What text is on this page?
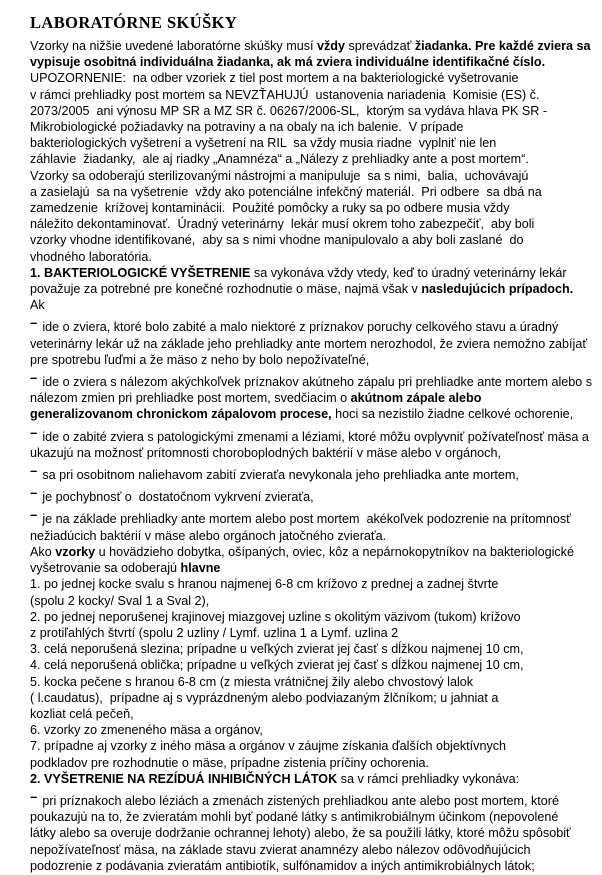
LABORATÓRNE SKÚŠKY
Vzorky na nižšie uvedené laboratórne skúšky musí vždy sprevádzať žiadanka. Pre každé zviera sa
vypisuje osobitná individuálna žiadanka, ak má zviera individuálne identifikačné číslo.
UPOZORNENIE:  na odber vzoriek z tiel post mortem a na bakteriologické vyšetrovanie
v rámci prehliadky post mortem sa NEVZŤAHUJÚ  ustanovenia nariadenia  Komisie (ES) č.
2073/2005  ani výnosu MP SR a MZ SR č. 06267/2006-SL,  ktorým sa vydáva hlava PK SR -
Mikrobiologické požiadavky na potraviny a na obaly na ich balenie.  V prípade
bakteriologických vyšetrení a vyšetrení na RIL  sa vždy musia riadne  vyplniť nie len
záhlavie  žiadanky,  ale aj riadky „Anamnéza“ a „Nálezy z prehliadky ante a post mortem“.
Vzorky sa odoberajú sterilizovanými nástrojmi a manipuluje  sa s nimi,  balia,  uchovávajú
a zasielajú  sa na vyšetrenie  vždy ako potenciálne infekčný materiál.  Pri odbere  sa dbá na
zamedzenie  krížovej kontaminácii.  Použité pomôcky a ruky sa po odbere musia vždy
náležito dekontaminovať.  Úradný veterinárny  lekár musí okrem toho zabezpečiť,  aby boli
vzorky vhodne identifikované,  aby sa s nimi vhodne manipulovalo a aby boli zaslané  do
vhodného laboratória.
1. BAKTERIOLOGICKÉ VYŠETRENIE sa vykonáva vždy vtedy, keď to úradný veterinárny lekár
považuje za potrebné pre konečné rozhodnutie o mäse, najmä však v nasledujúcich prípadoch.
Ak
− ide o zviera, ktoré bolo zabité a malo niektoré z príznakov poruchy celkového stavu a úradný
veterinárny lekár už na základe jeho prehliadky ante mortem nerozhodol, že zviera nemožno zabíjať
pre spotrebu ľuďmi a že mäso z neho by bolo nepožívateľné,
− ide o zviera s nálezom akýchkoľvek príznakov akútneho zápalu pri prehliadke ante mortem alebo s
nálezom zmien pri prehliadke post mortem, svedčiacim o akútnom zápale alebo
generalizovanom chronickom zápalovom procese, hoci sa nezistilo žiadne celkové ochorenie,
− ide o zabité zviera s patologickými zmenami a léziami, ktoré môžu ovplyvniť požívateľnosť mäsa a
ukazujú na možnosť prítomnosti choroboplodných baktérií v mäse alebo v orgánoch,
− sa pri osobitnom naliehavom zabití zvieraťa nevykonala jeho prehliadka ante mortem,
− je pochybnosť o  dostatočnom vykrvení zvieraťa,
− je na základe prehliadky ante mortem alebo post mortem  akékoľvek podozrenie na prítomnosť
nežiadúcich baktérií v mäse alebo orgánoch jatočného zvieraťa.
Ako vzorky u hovädzieho dobytka, ošípaných, oviec, kôz a nepárnokopytníkov na bakteriologické
vyšetrovanie sa odoberajú hlavne
1. po jednej kocke svalu s hranou najmenej 6-8 cm krížovo z prednej a zadnej štvrte
(spolu 2 kocky/ Sval 1 a Sval 2),
2. po jednej neporušenej krajinovej miazgovej uzline s okolitým väzivom (tukom) krížovo
z protiľahlých štvrtí (spolu 2 uzliny / Lymf. uzlina 1 a Lymf. uzlina 2
3. celá neporušená slezina; prípadne u veľkých zvierat jej časť s dĺžkou najmenej 10 cm,
4. celá neporušená oblička; prípadne u veľkých zvierat jej časť s dĺžkou najmenej 10 cm,
5. kocka pečene s hranou 6-8 cm (z miesta vrátničnej žily alebo chvostový lalok
( l.caudatus),  prípadne aj s vyprázdneným alebo podviazaným žlčníkom; u jahniat a
kozliat celá pečeň,
6. vzorky zo zmeneného mäsa a orgánov,
7. prípadne aj vzorky z iného mäsa a orgánov v záujme získania ďalších objektívnych
podkladov pre rozhodnutie o mäse, prípadne zistenia príčiny ochorenia.
2. VYŠETRENIE NA REZÍDUÁ INHIBIČNÝCH LÁTOK sa v rámci prehliadky vykonáva:
− pri príznakoch alebo léziách a zmenách zistených prehliadkou ante alebo post mortem, ktoré
poukazujú na to, že zvieratám mohli byť podané látky s antimikrobiálnym účinkom (nepovolené
látky alebo sa overuje dodržanie ochrannej lehoty) alebo, že sa použili látky, ktoré môžu spôsobiť
nepožívateľnosť mäsa, na základe stavu zvierat anamnézy alebo nálezov odôvodňujúcich
podozrenie z podávania zvieratám antibiotík, sulfónamidov a iných antimikrobiálnych látok;
